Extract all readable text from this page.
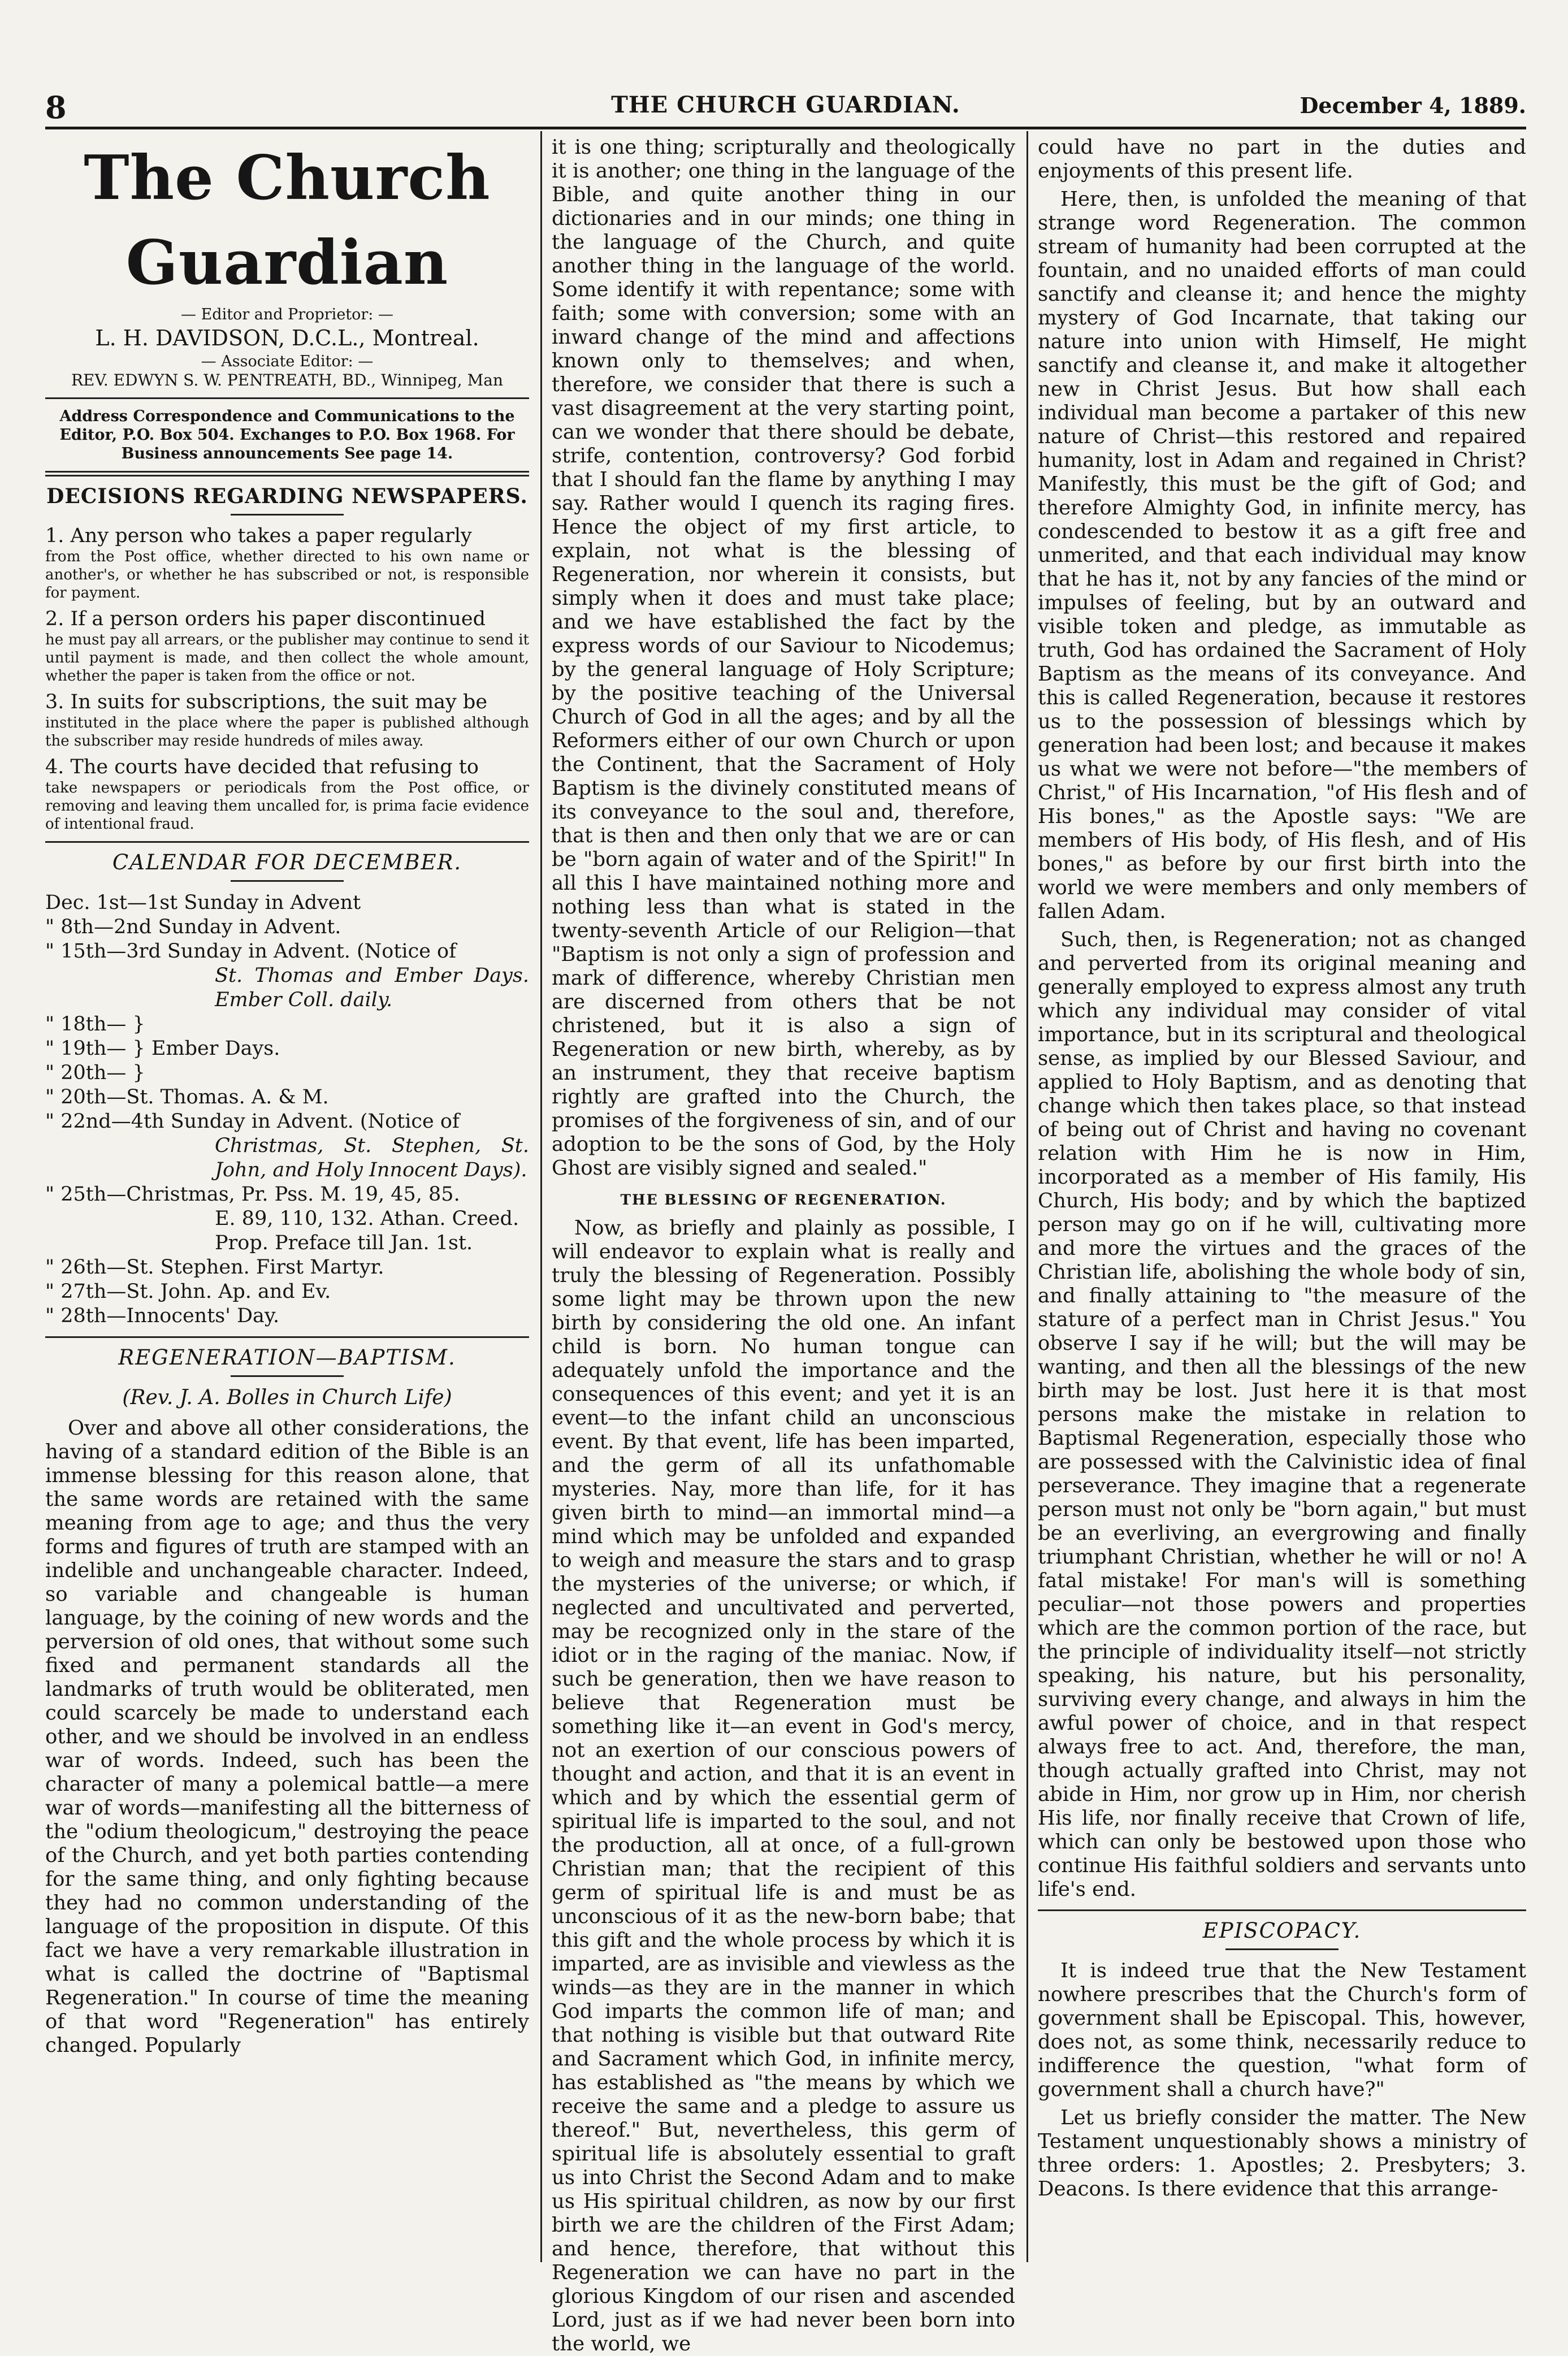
8	THE CHURCH GUARDIAN.	December 4, 1889.
The Church Guardian
— Editor and Proprietor: —
L. H. DAVIDSON, D.C.L., Montreal.
— Associate Editor: —
REV. EDWYN S. W. PENTREATH, BD., Winnipeg, Man
Address Correspondence and Communications to the Editor, P.O. Box 504. Exchanges to P.O. Box 1968. For Business announcements See page 14.
DECISIONS REGARDING NEWSPAPERS.
1. Any person who takes a paper regularly
from the Post office, whether directed to his own name or another's, or whether he has subscribed or not, is responsible for payment.
2. If a person orders his paper discontinued
he must pay all arrears, or the publisher may continue to send it until payment is made, and then collect the whole amount, whether the paper is taken from the office or not.
3. In suits for subscriptions, the suit may be
instituted in the place where the paper is published although the subscriber may reside hundreds of miles away.
4. The courts have decided that refusing to
take newspapers or periodicals from the Post office, or removing and leaving them uncalled for, is prima facie evidence of intentional fraud.
CALENDAR FOR DECEMBER.
Dec. 1st—1st Sunday in Advent
" 8th—2nd Sunday in Advent.
" 15th—3rd Sunday in Advent. (Notice of
St. Thomas and Ember Days. Ember Coll. daily.
" 18th— }
" 19th— } Ember Days.
" 20th— }
" 20th—St. Thomas. A. & M.
" 22nd—4th Sunday in Advent. (Notice of
Christmas, St. Stephen, St. John, and Holy Innocent Days).
" 25th—Christmas, Pr. Pss. M. 19, 45, 85.
E. 89, 110, 132. Athan. Creed.
Prop. Preface till Jan. 1st.
" 26th—St. Stephen. First Martyr.
" 27th—St. John. Ap. and Ev.
" 28th—Innocents' Day.
REGENERATION—BAPTISM.
(Rev. J. A. Bolles in Church Life)

Over and above all other considerations, the having of a standard edition of the Bible is an immense blessing for this reason alone, that the same words are retained with the same meaning from age to age; and thus the very forms and figures of truth are stamped with an indelible and unchangeable character. Indeed, so variable and changeable is human language, by the coining of new words and the perversion of old ones, that without some such fixed and permanent standards all the landmarks of truth would be obliterated, men could scarcely be made to understand each other, and we should be involved in an endless war of words. Indeed, such has been the character of many a polemical battle—a mere war of words—manifesting all the bitterness of the "odium theologicum," destroying the peace of the Church, and yet both parties contending for the same thing, and only fighting because they had no common understanding of the language of the proposition in dispute. Of this fact we have a very remarkable illustration in what is called the doctrine of "Baptismal Regeneration." In course of time the meaning of that word "Regeneration" has entirely changed. Popularly

it is one thing; scripturally and theologically it is another; one thing in the language of the Bible, and quite another thing in our dictionaries and in our minds; one thing in the language of the Church, and quite another thing in the language of the world. Some identify it with repentance; some with faith; some with conversion; some with an inward change of the mind and affections known only to themselves; and when, therefore, we consider that there is such a vast disagreement at the very starting point, can we wonder that there should be debate, strife, contention, controversy? God forbid that I should fan the flame by anything I may say. Rather would I quench its raging fires. Hence the object of my first article, to explain, not what is the blessing of Regeneration, nor wherein it consists, but simply when it does and must take place; and we have established the fact by the express words of our Saviour to Nicodemus; by the general language of Holy Scripture; by the positive teaching of the Universal Church of God in all the ages; and by all the Reformers either of our own Church or upon the Continent, that the Sacrament of Holy Baptism is the divinely constituted means of its conveyance to the soul and, therefore, that is then and then only that we are or can be "born again of water and of the Spirit!" In all this I have maintained nothing more and nothing less than what is stated in the twenty-seventh Article of our Religion—that "Baptism is not only a sign of profession and mark of difference, whereby Christian men are discerned from others that be not christened, but it is also a sign of Regeneration or new birth, whereby, as by an instrument, they that receive baptism rightly are grafted into the Church, the promises of the forgiveness of sin, and of our adoption to be the sons of God, by the Holy Ghost are visibly signed and sealed."

THE BLESSING OF REGENERATION.

Now, as briefly and plainly as possible, I will endeavor to explain what is really and truly the blessing of Regeneration. Possibly some light may be thrown upon the new birth by considering the old one. An infant child is born. No human tongue can adequately unfold the importance and the consequences of this event; and yet it is an event—to the infant child an unconscious event. By that event, life has been imparted, and the germ of all its unfathomable mysteries. Nay, more than life, for it has given birth to mind—an immortal mind—a mind which may be unfolded and expanded to weigh and measure the stars and to grasp the mysteries of the universe; or which, if neglected and uncultivated and perverted, may be recognized only in the stare of the idiot or in the raging of the maniac. Now, if such be generation, then we have reason to believe that Regeneration must be something like it—an event in God's mercy, not an exertion of our conscious powers of thought and action, and that it is an event in which and by which the essential germ of spiritual life is imparted to the soul, and not the production, all at once, of a full-grown Christian man; that the recipient of this germ of spiritual life is and must be as unconscious of it as the new-born babe; that this gift and the whole process by which it is imparted, are as invisible and viewless as the winds—as they are in the manner in which God imparts the common life of man; and that nothing is visible but that outward Rite and Sacrament which God, in infinite mercy, has established as "the means by which we receive the same and a pledge to assure us thereof." But, nevertheless, this germ of spiritual life is absolutely essential to graft us into Christ the Second Adam and to make us His spiritual children, as now by our first birth we are the children of the First Adam; and hence, therefore, that without this Regeneration we can have no part in the glorious Kingdom of our risen and ascended Lord, just as if we had never been born into the world, we

could have no part in the duties and enjoyments of this present life.

Here, then, is unfolded the meaning of that strange word Regeneration. The common stream of humanity had been corrupted at the fountain, and no unaided efforts of man could sanctify and cleanse it; and hence the mighty mystery of God Incarnate, that taking our nature into union with Himself, He might sanctify and cleanse it, and make it altogether new in Christ Jesus. But how shall each individual man become a partaker of this new nature of Christ—this restored and repaired humanity, lost in Adam and regained in Christ? Manifestly, this must be the gift of God; and therefore Almighty God, in infinite mercy, has condescended to bestow it as a gift free and unmerited, and that each individual may know that he has it, not by any fancies of the mind or impulses of feeling, but by an outward and visible token and pledge, as immutable as truth, God has ordained the Sacrament of Holy Baptism as the means of its conveyance. And this is called Regeneration, because it restores us to the possession of blessings which by generation had been lost; and because it makes us what we were not before—"the members of Christ," of His Incarnation, "of His flesh and of His bones," as the Apostle says: "We are members of His body, of His flesh, and of His bones," as before by our first birth into the world we were members and only members of fallen Adam.

Such, then, is Regeneration; not as changed and perverted from its original meaning and generally employed to express almost any truth which any individual may consider of vital importance, but in its scriptural and theological sense, as implied by our Blessed Saviour, and applied to Holy Baptism, and as denoting that change which then takes place, so that instead of being out of Christ and having no covenant relation with Him he is now in Him, incorporated as a member of His family, His Church, His body; and by which the baptized person may go on if he will, cultivating more and more the virtues and the graces of the Christian life, abolishing the whole body of sin, and finally attaining to "the measure of the stature of a perfect man in Christ Jesus." You observe I say if he will; but the will may be wanting, and then all the blessings of the new birth may be lost. Just here it is that most persons make the mistake in relation to Baptismal Regeneration, especially those who are possessed with the Calvinistic idea of final perseverance. They imagine that a regenerate person must not only be "born again," but must be an everliving, an evergrowing and finally triumphant Christian, whether he will or no! A fatal mistake! For man's will is something peculiar—not those powers and properties which are the common portion of the race, but the principle of individuality itself—not strictly speaking, his nature, but his personality, surviving every change, and always in him the awful power of choice, and in that respect always free to act. And, therefore, the man, though actually grafted into Christ, may not abide in Him, nor grow up in Him, nor cherish His life, nor finally receive that Crown of life, which can only be bestowed upon those who continue His faithful soldiers and servants unto life's end.

EPISCOPACY.

It is indeed true that the New Testament nowhere prescribes that the Church's form of government shall be Episcopal. This, however, does not, as some think, necessarily reduce to indifference the question, "what form of government shall a church have?"

Let us briefly consider the matter. The New Testament unquestionably shows a ministry of three orders: 1. Apostles; 2. Presbyters; 3. Deacons. Is there evidence that this arrange-
